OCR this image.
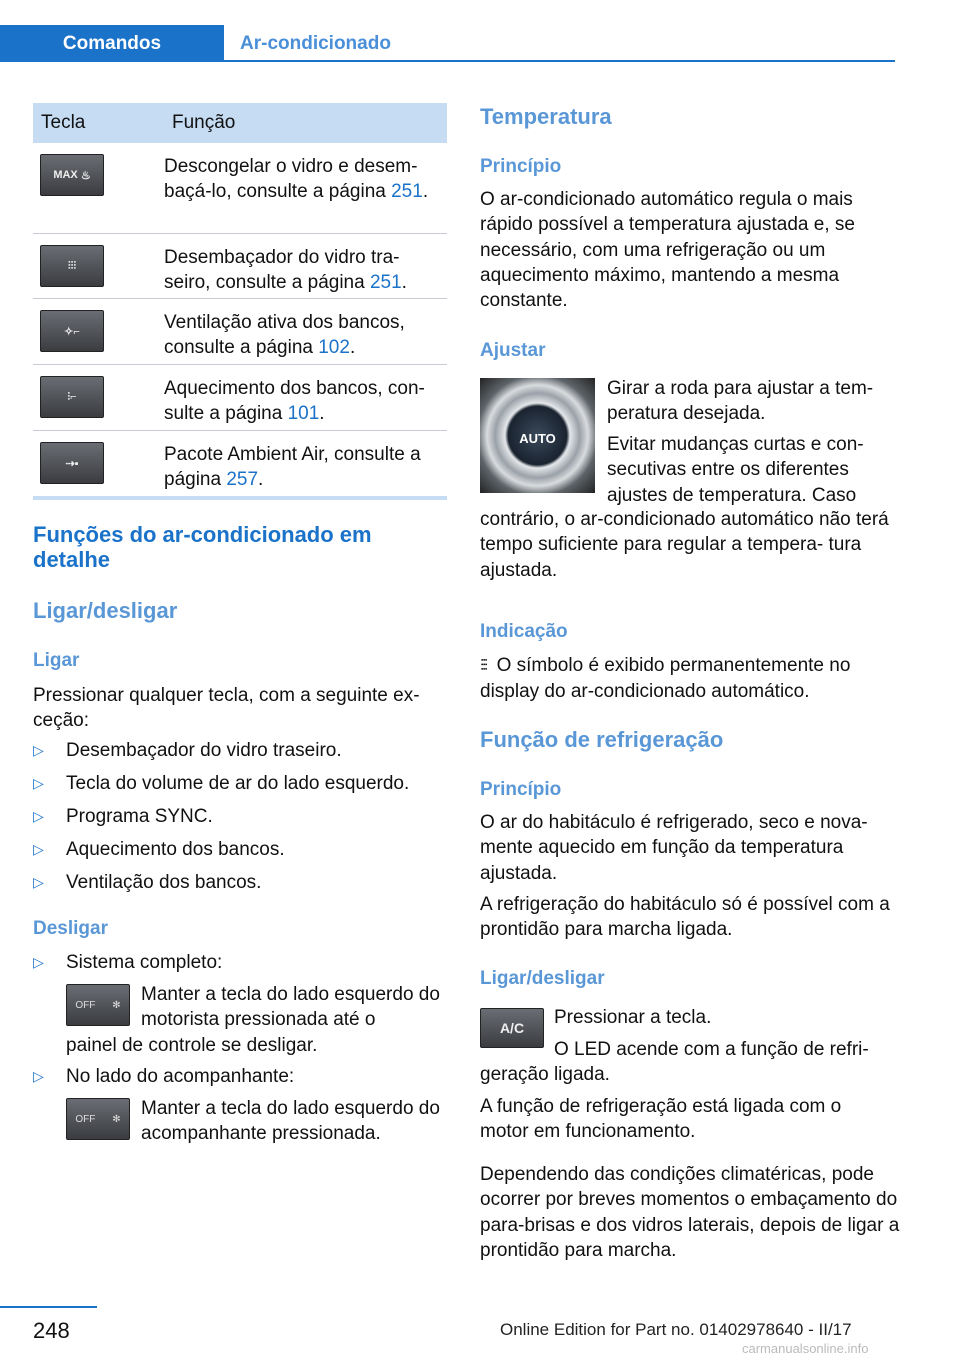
Comandos	Ar-condicionado
Tecla	Função
MAX ♨	Descongelar o vidro e desem‐ baçá-lo, consulte a página 251.
⫶⫶⫶	Desembaçador do vidro tra‐ seiro, consulte a página 251.
✧⌐	Ventilação ativa dos bancos, consulte a página 102.
⫶⌐	Aquecimento dos bancos, con‐ sulte a página 101.
⇢▪	Pacote Ambient Air, consulte a página 257.
Funções do ar-condicionado em detalhe
Ligar/desligar
Ligar
Pressionar qualquer tecla, com a seguinte ex‐ ceção:
▷	Desembaçador do vidro traseiro.
▷	Tecla do volume de ar do lado esquerdo.
▷	Programa SYNC.
▷	Aquecimento dos bancos.
▷	Ventilação dos bancos.
Desligar
▷	Sistema completo:
OFF ✻ Manter a tecla do lado esquerdo do motorista pressionada até o
painel de controle se desligar.
▷	No lado do acompanhante:
OFF ✻ Manter a tecla do lado esquerdo do acompanhante pressionada.
Temperatura
Princípio
O ar-condicionado automático regula o mais rápido possível a temperatura ajustada e, se necessário, com uma refrigeração ou um aquecimento máximo, mantendo a mesma constante.
Ajustar
AUTO
Girar a roda para ajustar a tem‐ peratura desejada.
Evitar mudanças curtas e con‐ secutivas entre os diferentes ajustes de temperatura. Caso
contrário, o ar-condicionado automático não terá tempo suficiente para regular a tempera‐ tura ajustada.
Indicação
⫶⫶⫶ O símbolo é exibido permanentemente no display do ar-condicionado automático.
Função de refrigeração
Princípio
O ar do habitáculo é refrigerado, seco e nova‐ mente aquecido em função da temperatura ajustada.
A refrigeração do habitáculo só é possível com a prontidão para marcha ligada.
Ligar/desligar
A/C Pressionar a tecla.
O LED acende com a função de refri‐
geração ligada.
A função de refrigeração está ligada com o motor em funcionamento.
Dependendo das condições climatéricas, pode ocorrer por breves momentos o embaçamento do para-brisas e dos vidros laterais, depois de ligar a prontidão para marcha.
248	Online Edition for Part no. 01402978640 - II/17
carmanualsonline.info
